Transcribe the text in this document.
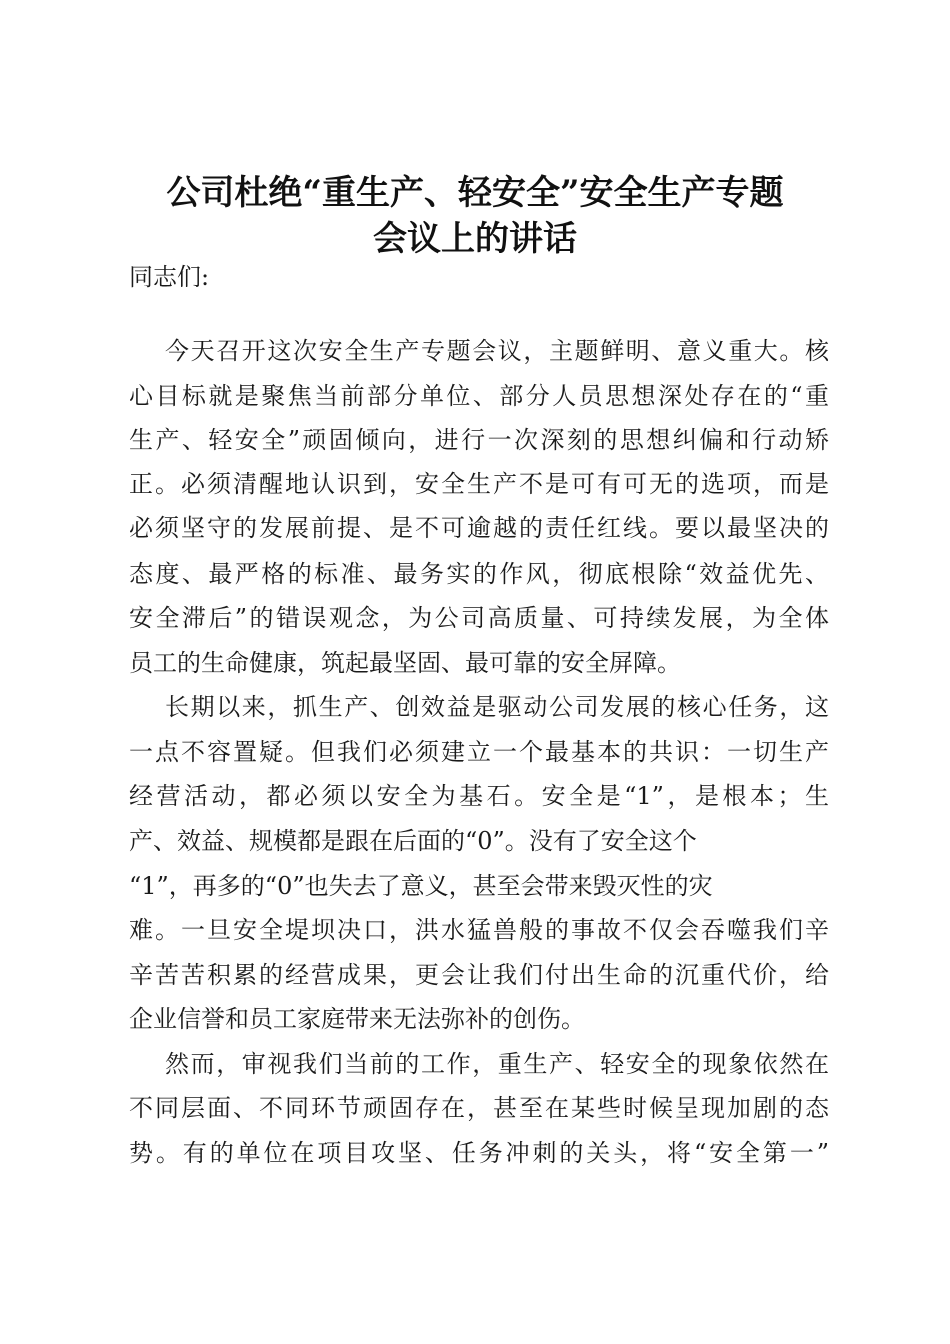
公司杜绝“重生产、轻安全”安全生产专题
会议上的讲话
同志们:
今天召开这次安全生产专题会议，主题鲜明、意义重大。核
心目标就是聚焦当前部分单位、部分人员思想深处存在的“重
生产、轻安全”顽固倾向，进行一次深刻的思想纠偏和行动矫
正。必须清醒地认识到，安全生产不是可有可无的选项，而是
必须坚守的发展前提、是不可逾越的责任红线。要以最坚决的
态度、最严格的标准、最务实的作风，彻底根除“效益优先、
安全滞后”的错误观念，为公司高质量、可持续发展，为全体
员工的生命健康，筑起最坚固、最可靠的安全屏障。
长期以来，抓生产、创效益是驱动公司发展的核心任务，这
一点不容置疑。但我们必须建立一个最基本的共识：一切生产
经营活动，都必须以安全为基石。安全是“1”，是根本；生
产、效益、规模都是跟在后面的“0”。没有了安全这个
“1”，再多的“0”也失去了意义，甚至会带来毁灭性的灾
难。一旦安全堤坝决口，洪水猛兽般的事故不仅会吞噬我们辛
辛苦苦积累的经营成果，更会让我们付出生命的沉重代价，给
企业信誉和员工家庭带来无法弥补的创伤。
然而，审视我们当前的工作，重生产、轻安全的现象依然在
不同层面、不同环节顽固存在，甚至在某些时候呈现加剧的态
势。有的单位在项目攻坚、任务冲刺的关头，将“安全第一”
